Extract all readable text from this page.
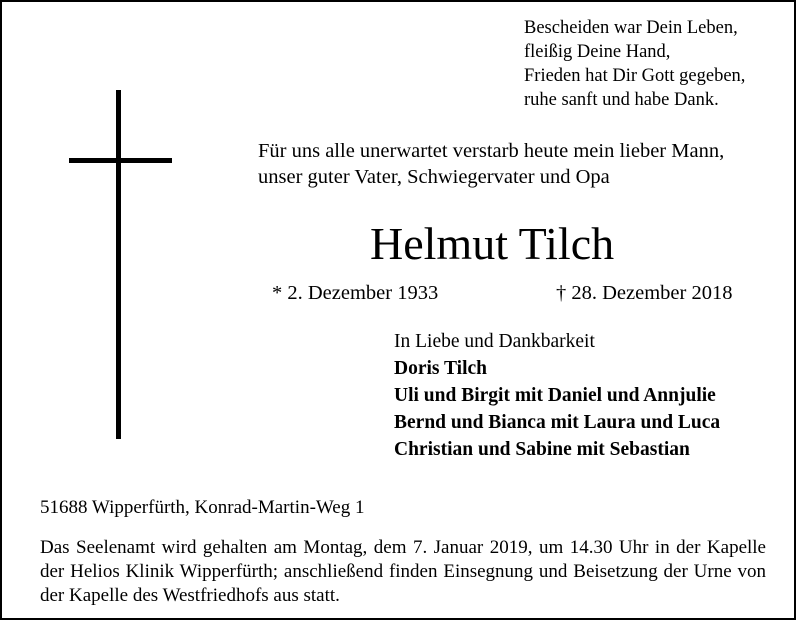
Bescheiden war Dein Leben,
fleißig Deine Hand,
Frieden hat Dir Gott gegeben,
ruhe sanft und habe Dank.
Für uns alle unerwartet verstarb heute mein lieber Mann,
unser guter Vater, Schwiegervater und Opa
Helmut Tilch
* 2. Dezember 1933	† 28. Dezember 2018
In Liebe und Dankbarkeit
Doris Tilch
Uli und Birgit mit Daniel und Annjulie
Bernd und Bianca mit Laura und Luca
Christian und Sabine mit Sebastian
51688 Wipperfürth, Konrad-Martin-Weg 1
Das Seelenamt wird gehalten am Montag, dem 7. Januar 2019, um 14.30 Uhr in der Kapelle der Helios Klinik Wipperfürth; anschließend finden Einsegnung und Beisetzung der Urne von der Kapelle des Westfriedhofs aus statt.
